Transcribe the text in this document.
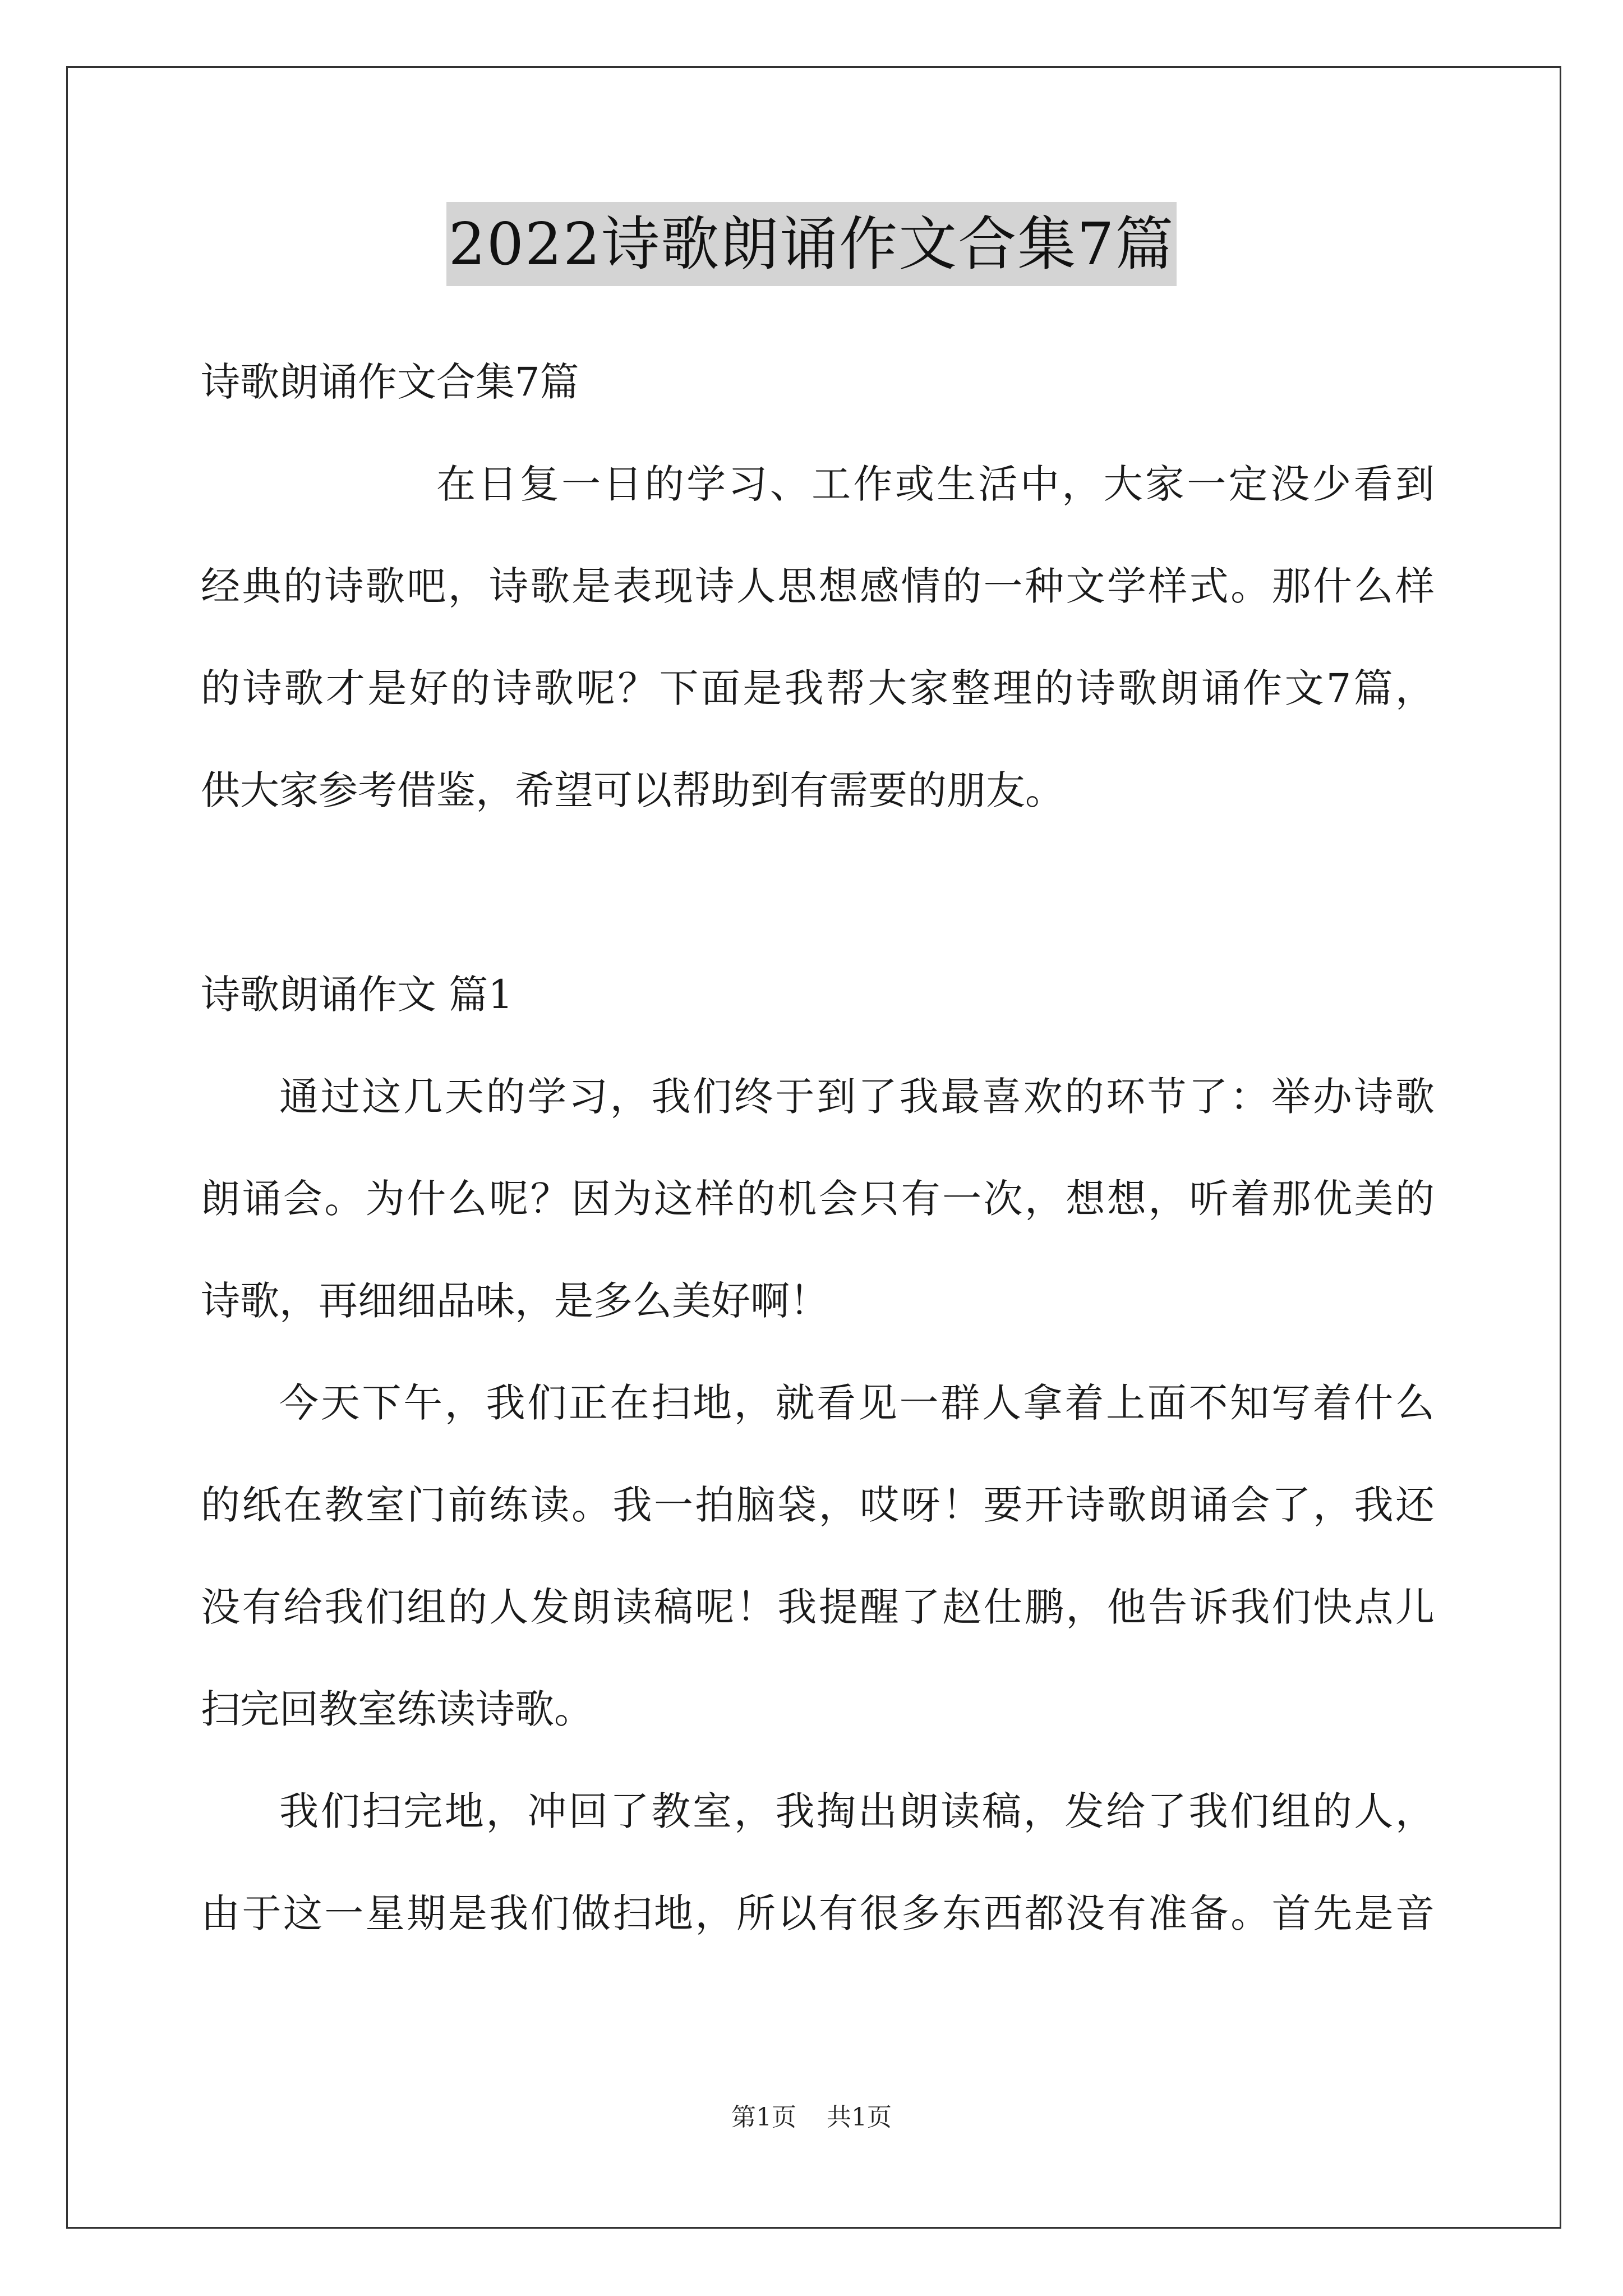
2022诗歌朗诵作文合集7篇
诗歌朗诵作文合集7篇
在日复一日的学习、工作或生活中，大家一定没少看到
经典的诗歌吧，诗歌是表现诗人思想感情的一种文学样式。那什么样
的诗歌才是好的诗歌呢？下面是我帮大家整理的诗歌朗诵作文7篇，
供大家参考借鉴，希望可以帮助到有需要的朋友。
诗歌朗诵作文 篇1
通过这几天的学习，我们终于到了我最喜欢的环节了：举办诗歌
朗诵会。为什么呢？因为这样的机会只有一次，想想，听着那优美的
诗歌，再细细品味，是多么美好啊！
今天下午，我们正在扫地，就看见一群人拿着上面不知写着什么
的纸在教室门前练读。我一拍脑袋，哎呀！要开诗歌朗诵会了，我还
没有给我们组的人发朗读稿呢！我提醒了赵仕鹏，他告诉我们快点儿
扫完回教室练读诗歌。
我们扫完地，冲回了教室，我掏出朗读稿，发给了我们组的人，
由于这一星期是我们做扫地，所以有很多东西都没有准备。首先是音
第1页 共1页
